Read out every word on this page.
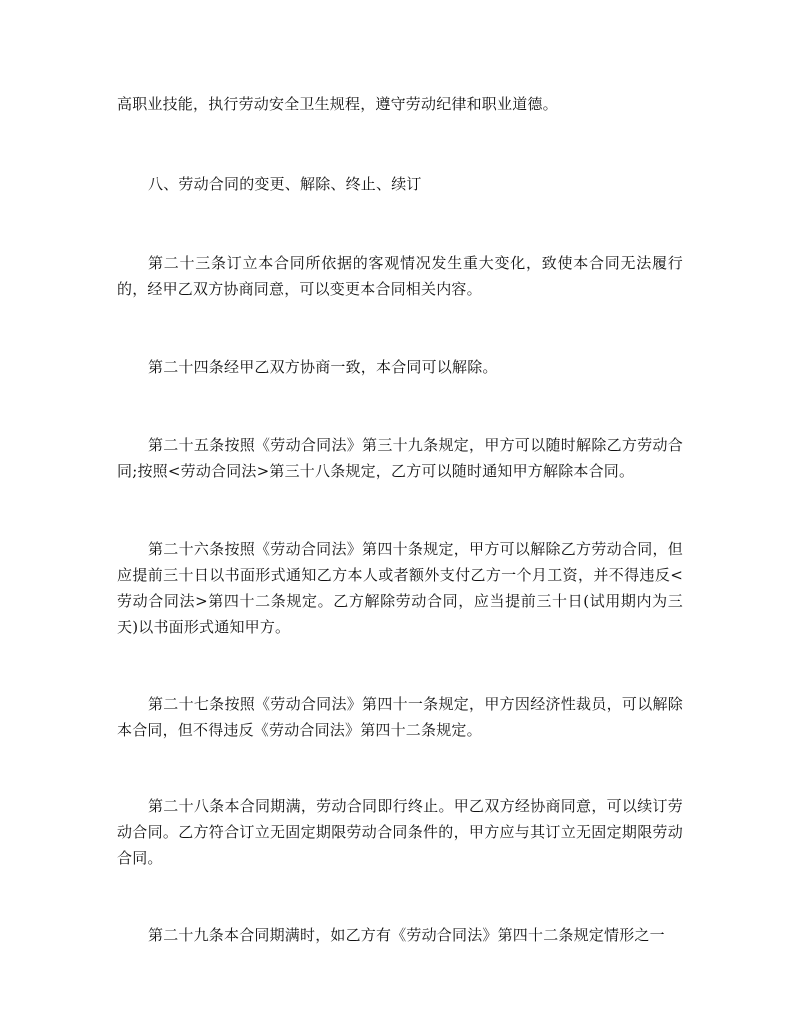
高职业技能，执行劳动安全卫生规程，遵守劳动纪律和职业道德。

八、劳动合同的变更、解除、终止、续订

第二十三条订立本合同所依据的客观情况发生重大变化，致使本合同无法履行的，经甲乙双方协商同意，可以变更本合同相关内容。

第二十四条经甲乙双方协商一致，本合同可以解除。

第二十五条按照《劳动合同法》第三十九条规定，甲方可以随时解除乙方劳动合同;按照<劳动合同法>第三十八条规定，乙方可以随时通知甲方解除本合同。

第二十六条按照《劳动合同法》第四十条规定，甲方可以解除乙方劳动合同，但应提前三十日以书面形式通知乙方本人或者额外支付乙方一个月工资，并不得违反<劳动合同法>第四十二条规定。乙方解除劳动合同，应当提前三十日(试用期内为三天)以书面形式通知甲方。

第二十七条按照《劳动合同法》第四十一条规定，甲方因经济性裁员，可以解除本合同，但不得违反《劳动合同法》第四十二条规定。

第二十八条本合同期满，劳动合同即行终止。甲乙双方经协商同意，可以续订劳动合同。乙方符合订立无固定期限劳动合同条件的，甲方应与其订立无固定期限劳动合同。

第二十九条本合同期满时，如乙方有《劳动合同法》第四十二条规定情形之一
